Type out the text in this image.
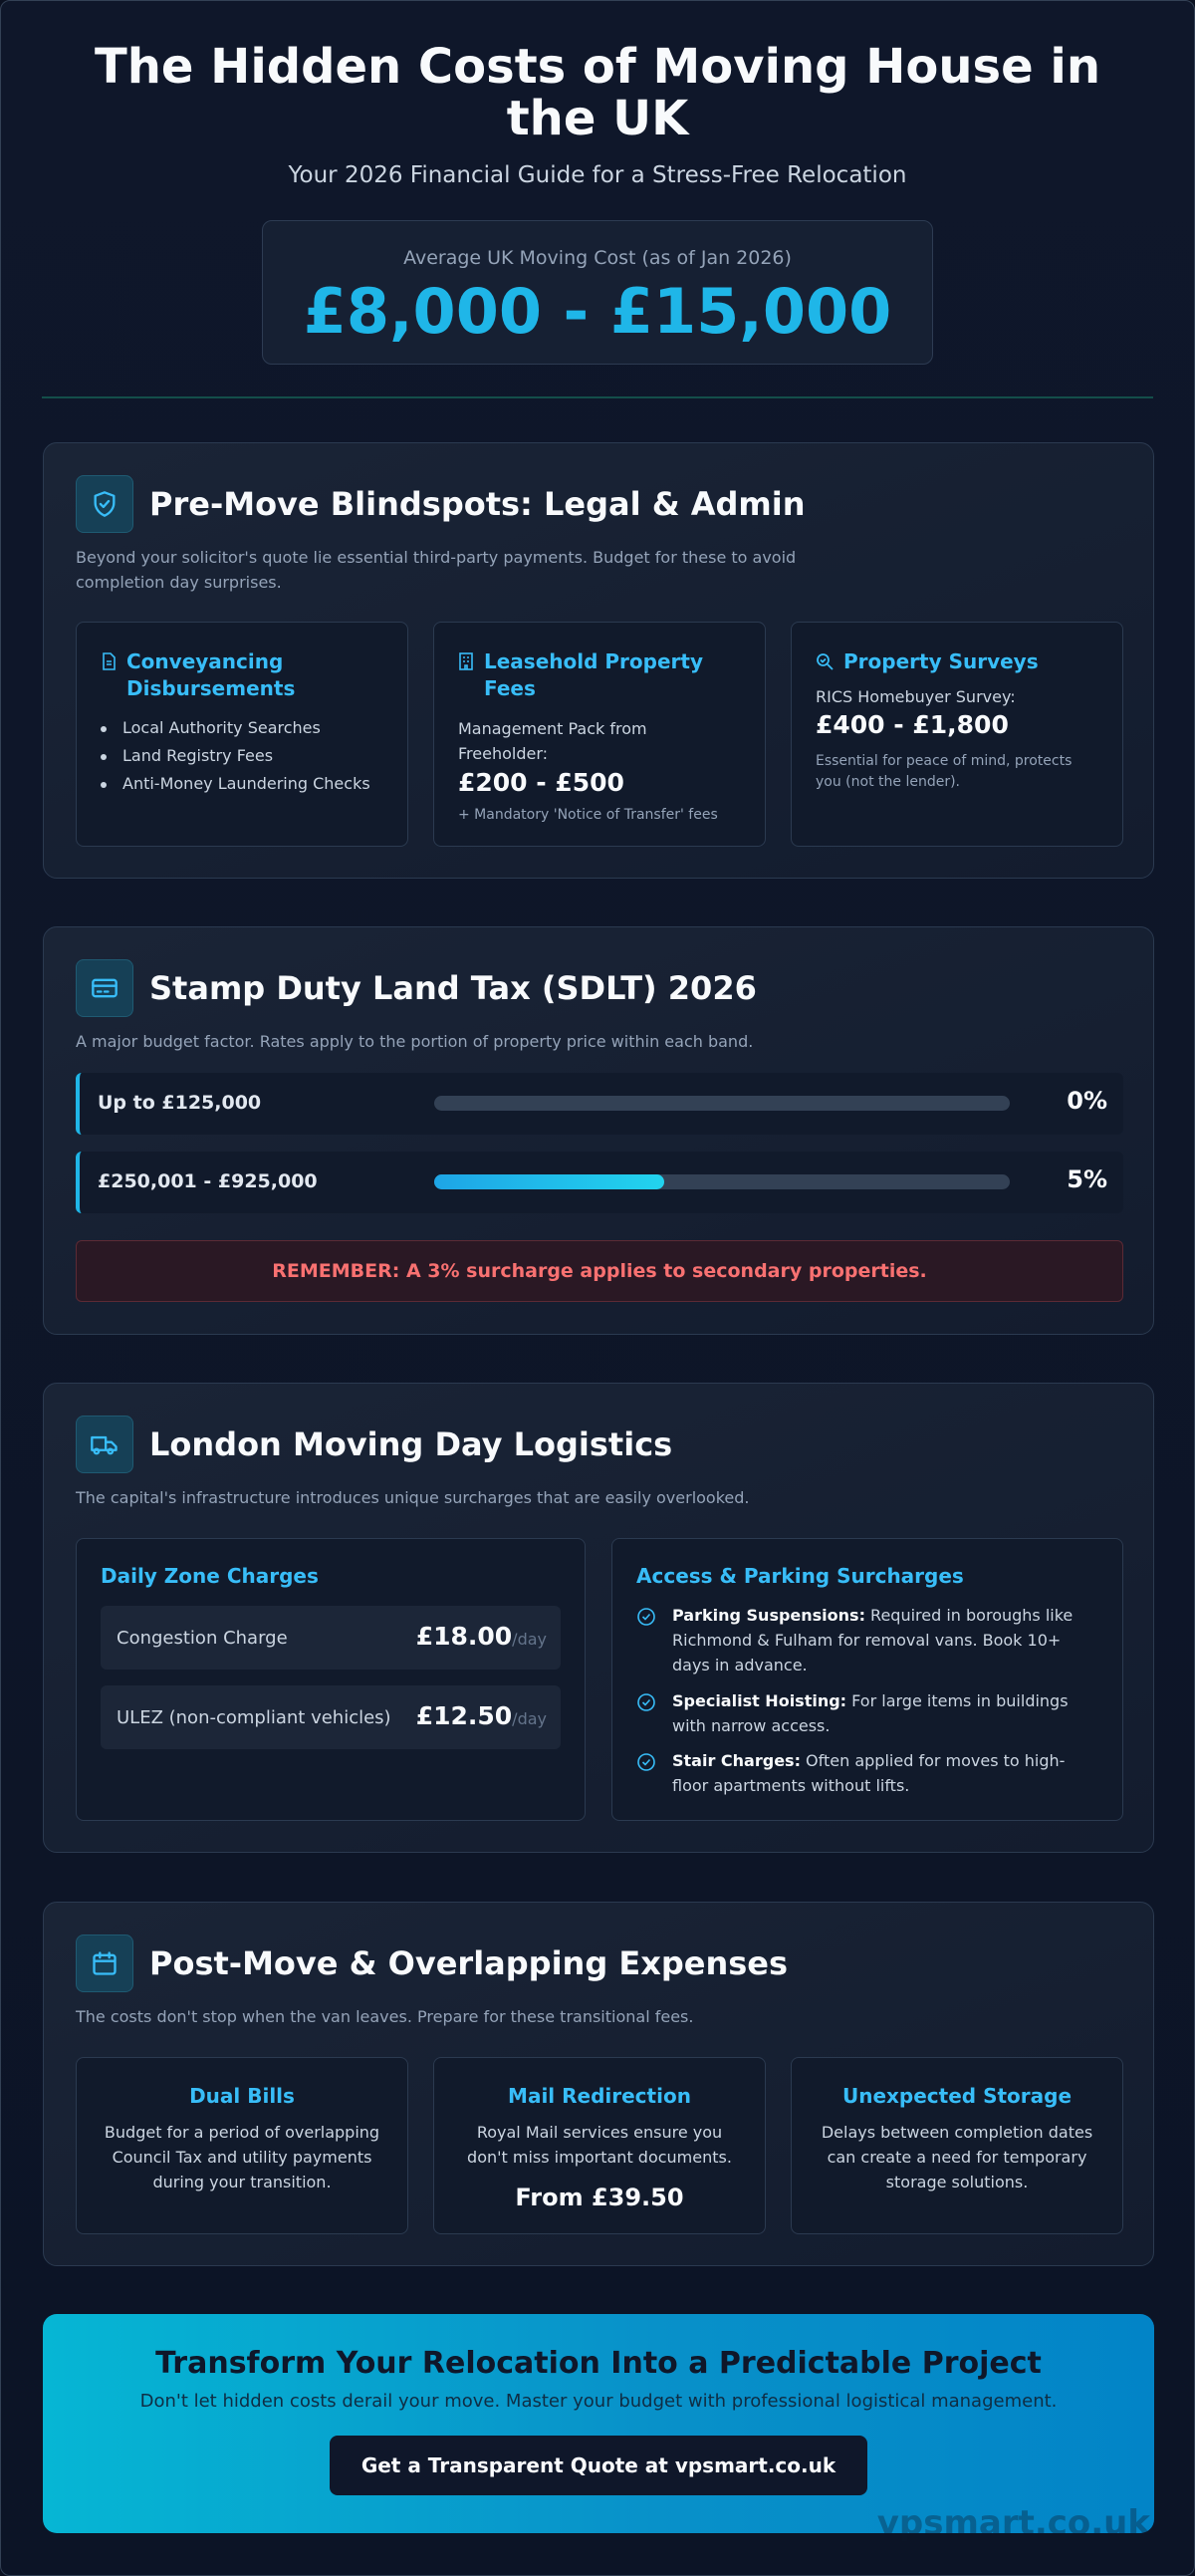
The Hidden Costs of Moving House in the UK
Your 2026 Financial Guide for a Stress-Free Relocation
Average UK Moving Cost (as of Jan 2026)
£8,000 - £15,000
Pre-Move Blindspots: Legal & Admin
Beyond your solicitor's quote lie essential third-party payments. Budget for these to avoid completion day surprises.
Conveyancing Disbursements
Local Authority Searches
Land Registry Fees
Anti-Money Laundering Checks
Leasehold Property Fees
Management Pack from Freeholder:
£200 - £500
+ Mandatory 'Notice of Transfer' fees
Property Surveys
RICS Homebuyer Survey:
£400 - £1,800
Essential for peace of mind, protects you (not the lender).
Stamp Duty Land Tax (SDLT) 2026
A major budget factor. Rates apply to the portion of property price within each band.
Up to £125,000	0%
£250,001 - £925,000	5%
REMEMBER: A 3% surcharge applies to secondary properties.
London Moving Day Logistics
The capital's infrastructure introduces unique surcharges that are easily overlooked.
Daily Zone Charges
Congestion Charge	£18.00/day
ULEZ (non-compliant vehicles) £12.50/day
Access & Parking Surcharges
Parking Suspensions: Required in boroughs like Richmond & Fulham for removal vans. Book 10+ days in advance.
Specialist Hoisting: For large items in buildings with narrow access.
Stair Charges: Often applied for moves to high-floor apartments without lifts.
Post-Move & Overlapping Expenses
The costs don't stop when the van leaves. Prepare for these transitional fees.
Dual Bills
Budget for a period of overlapping Council Tax and utility payments during your transition.
Mail Redirection
Royal Mail services ensure you don't miss important documents.
From £39.50
Unexpected Storage
Delays between completion dates can create a need for temporary storage solutions.
Transform Your Relocation Into a Predictable Project
Don't let hidden costs derail your move. Master your budget with professional logistical management.
Get a Transparent Quote at vpsmart.co.uk
vpsmart.co.uk
